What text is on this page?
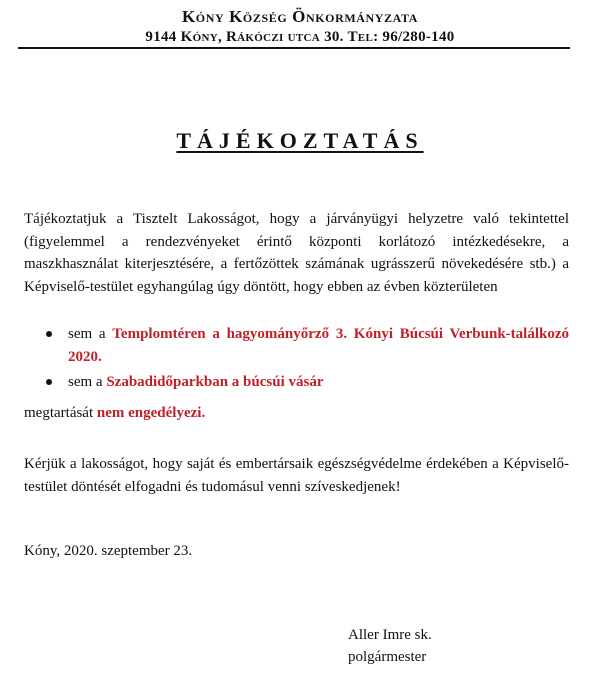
Kóny Község Önkormányzata
9144 Kóny, Rákóczi utca 30. Tel: 96/280-140
TÁJÉKOZTATÁS
Tájékoztatjuk a Tisztelt Lakosságot, hogy a járványügyi helyzetre való tekintettel (figyelemmel a rendezvényeket érintő központi korlátozó intézkedésekre, a maszkhasználat kiterjesztésére, a fertőzöttek számának ugrásszerű növekedésére stb.) a Képviselő-testület egyhangúlag úgy döntött, hogy ebben az évben közterületen
sem a Templomtéren a hagyományőrző 3. Kónyi Búcsúi Verbunk-találkozó 2020.
sem a Szabadidőparkban a búcsúi vásár
megtartását nem engedélyezi.
Kérjük a lakosságot, hogy saját és embertársaik egészségvédelme érdekében a Képviselő-testület döntését elfogadni és tudomásul venni szíveskedjenek!
Kóny, 2020. szeptember 23.
Aller Imre sk.
polgármester
